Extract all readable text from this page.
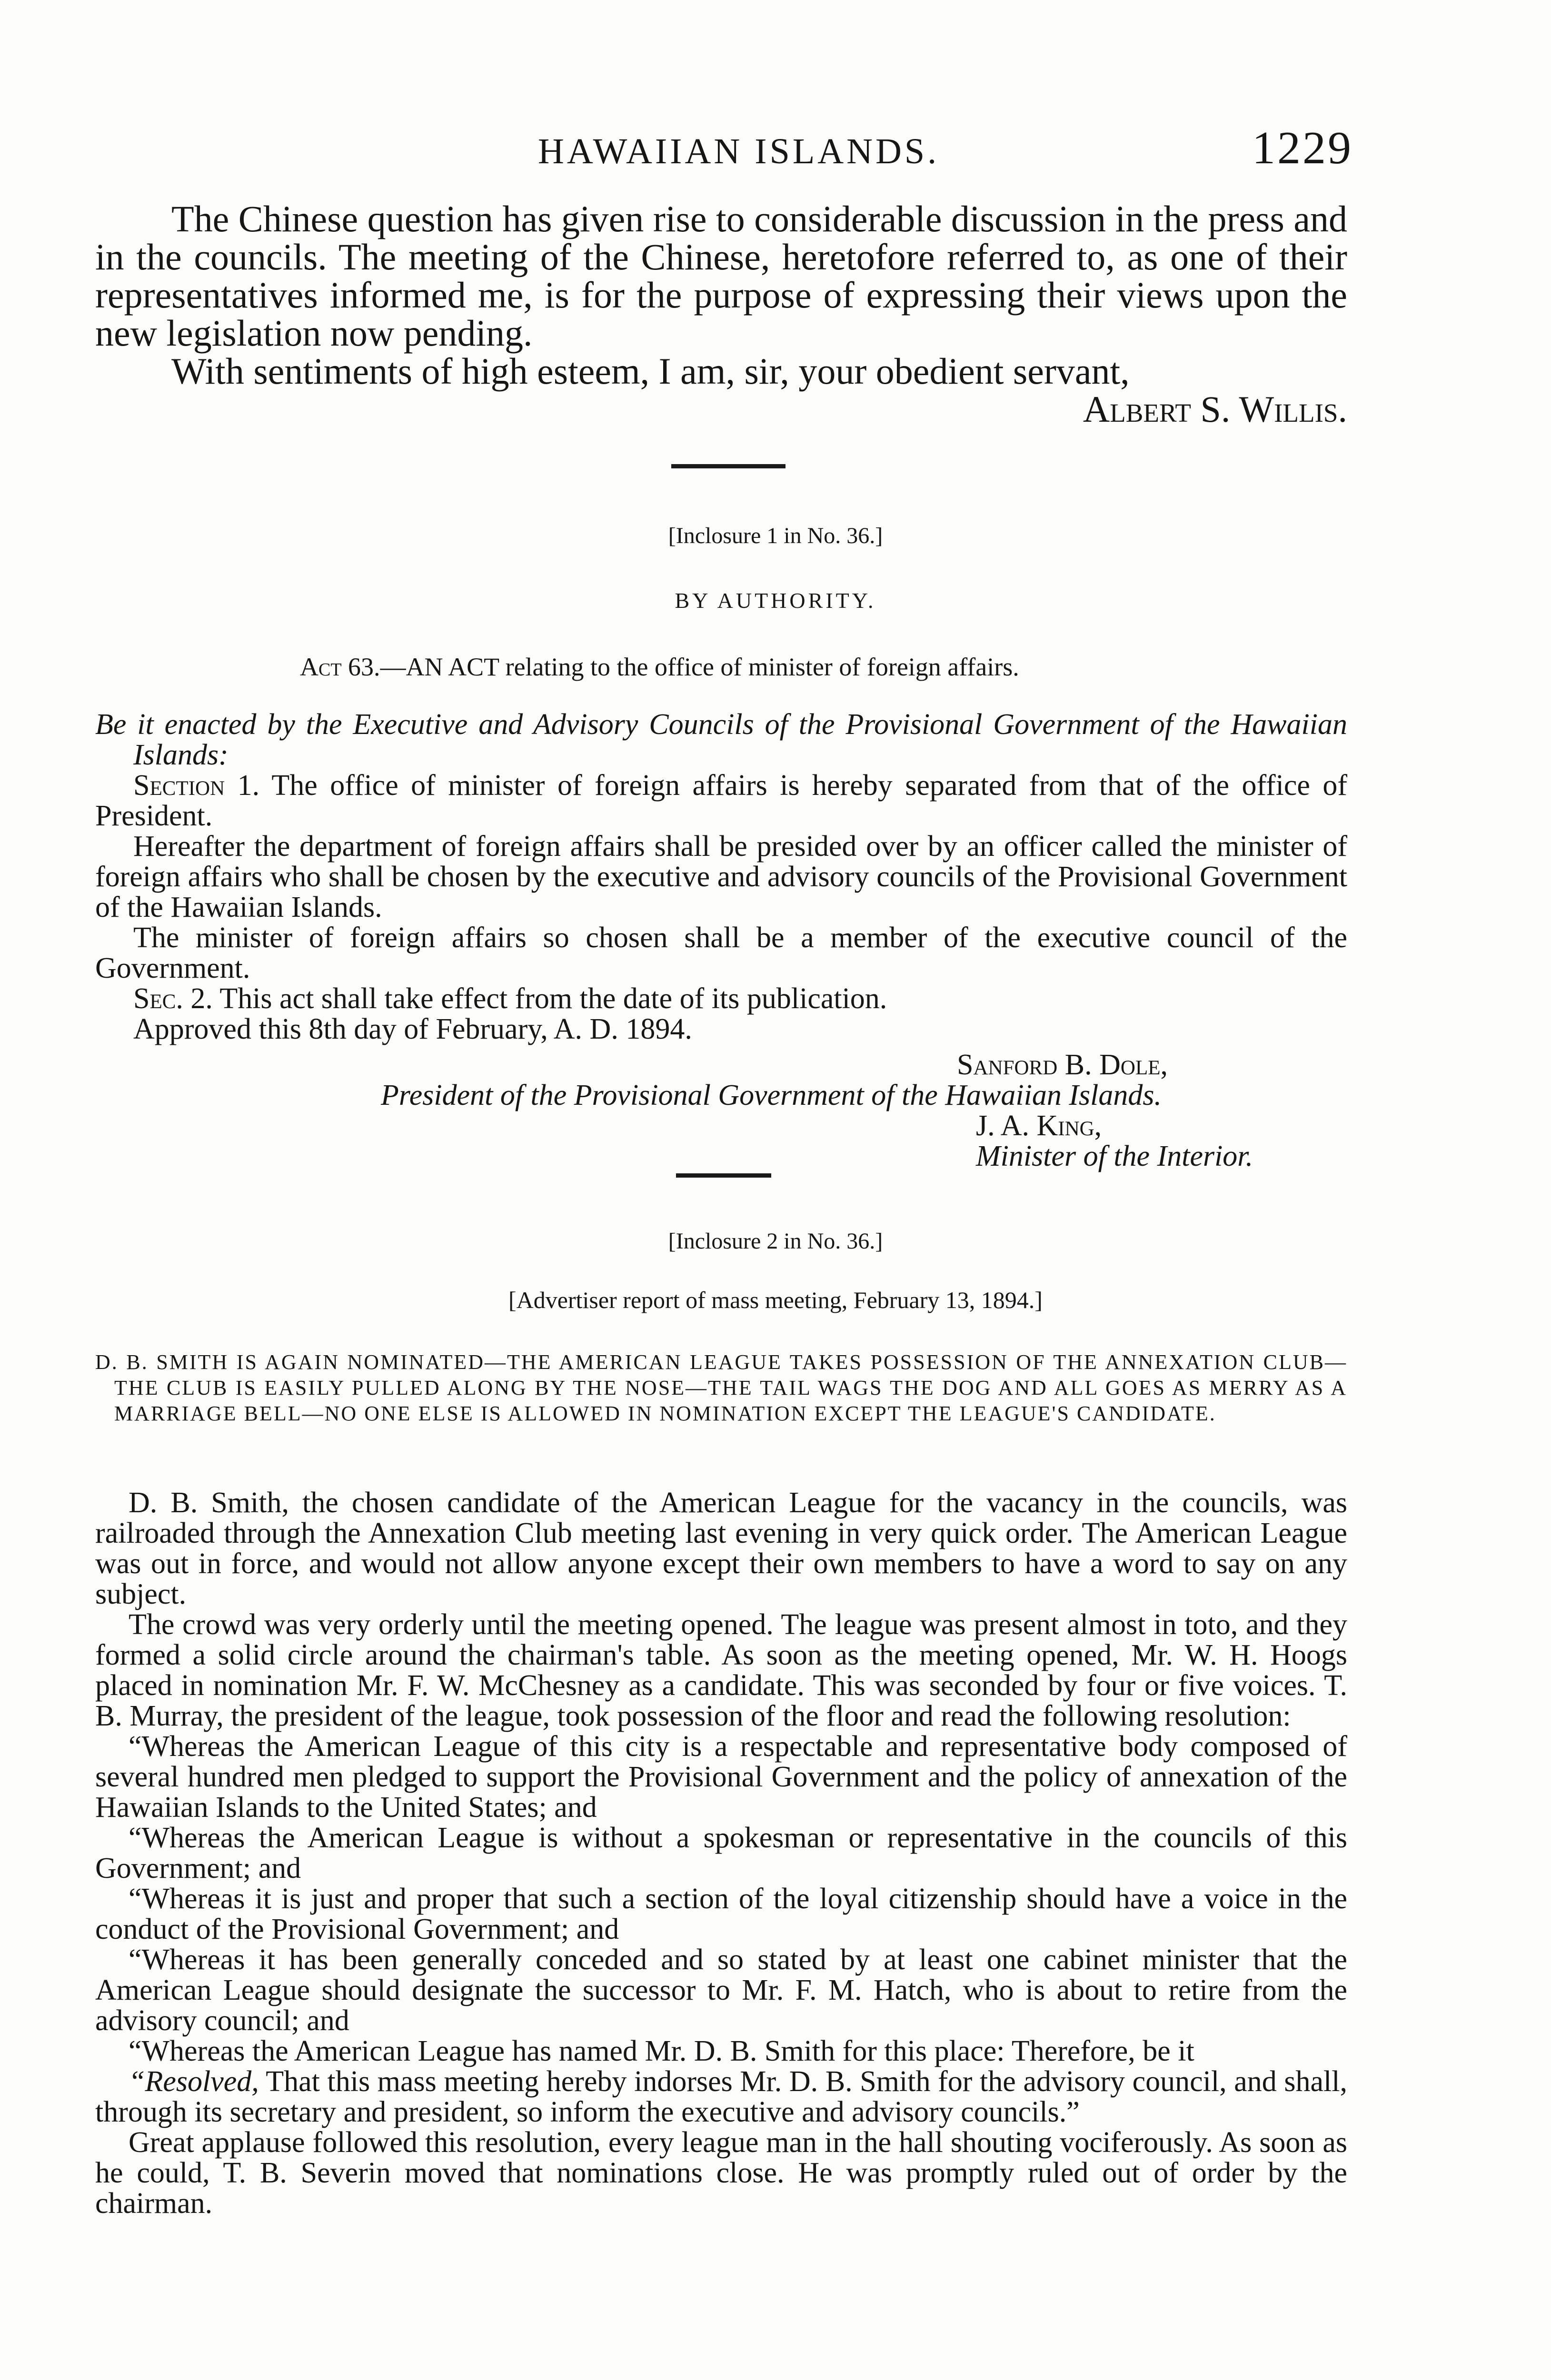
HAWAIIAN ISLANDS.	1229

The Chinese question has given rise to considerable discussion in the press and in the councils. The meeting of the Chinese, heretofore referred to, as one of their representatives informed me, is for the purpose of expressing their views upon the new legislation now pending.

With sentiments of high esteem, I am, sir, your obedient servant,

Albert S. Willis.

[Inclosure 1 in No. 36.]
BY AUTHORITY.
Act 63.—AN ACT relating to the office of minister of foreign affairs.

Be it enacted by the Executive and Advisory Councils of the Provisional Government of the Hawaiian Islands:

Section 1. The office of minister of foreign affairs is hereby separated from that of the office of President.

Hereafter the department of foreign affairs shall be presided over by an officer called the minister of foreign affairs who shall be chosen by the executive and advisory councils of the Provisional Government of the Hawaiian Islands.

The minister of foreign affairs so chosen shall be a member of the executive council of the Government.

Sec. 2. This act shall take effect from the date of its publication.

Approved this 8th day of February, A. D. 1894.

Sanford B. Dole,
President of the Provisional Government of the Hawaiian Islands.
J. A. King,
Minister of the Interior.
[Inclosure 2 in No. 36.]
[Advertiser report of mass meeting, February 13, 1894.]

D. B. SMITH IS AGAIN NOMINATED—THE AMERICAN LEAGUE TAKES POSSESSION OF THE ANNEXATION CLUB—THE CLUB IS EASILY PULLED ALONG BY THE NOSE—THE TAIL WAGS THE DOG AND ALL GOES AS MERRY AS A MARRIAGE BELL—NO ONE ELSE IS ALLOWED IN NOMINATION EXCEPT THE LEAGUE'S CANDIDATE.

D. B. Smith, the chosen candidate of the American League for the vacancy in the councils, was railroaded through the Annexation Club meeting last evening in very quick order. The American League was out in force, and would not allow anyone except their own members to have a word to say on any subject.

The crowd was very orderly until the meeting opened. The league was present almost in toto, and they formed a solid circle around the chairman's table. As soon as the meeting opened, Mr. W. H. Hoogs placed in nomination Mr. F. W. McChesney as a candidate. This was seconded by four or five voices. T. B. Murray, the president of the league, took possession of the floor and read the following resolution:

“Whereas the American League of this city is a respectable and representative body composed of several hundred men pledged to support the Provisional Government and the policy of annexation of the Hawaiian Islands to the United States; and

“Whereas the American League is without a spokesman or representative in the councils of this Government; and

“Whereas it is just and proper that such a section of the loyal citizenship should have a voice in the conduct of the Provisional Government; and

“Whereas it has been generally conceded and so stated by at least one cabinet minister that the American League should designate the successor to Mr. F. M. Hatch, who is about to retire from the advisory council; and

“Whereas the American League has named Mr. D. B. Smith for this place: Therefore, be it

“Resolved, That this mass meeting hereby indorses Mr. D. B. Smith for the advisory council, and shall, through its secretary and president, so inform the executive and advisory councils.”

Great applause followed this resolution, every league man in the hall shouting vociferously. As soon as he could, T. B. Severin moved that nominations close. He was promptly ruled out of order by the chairman.
